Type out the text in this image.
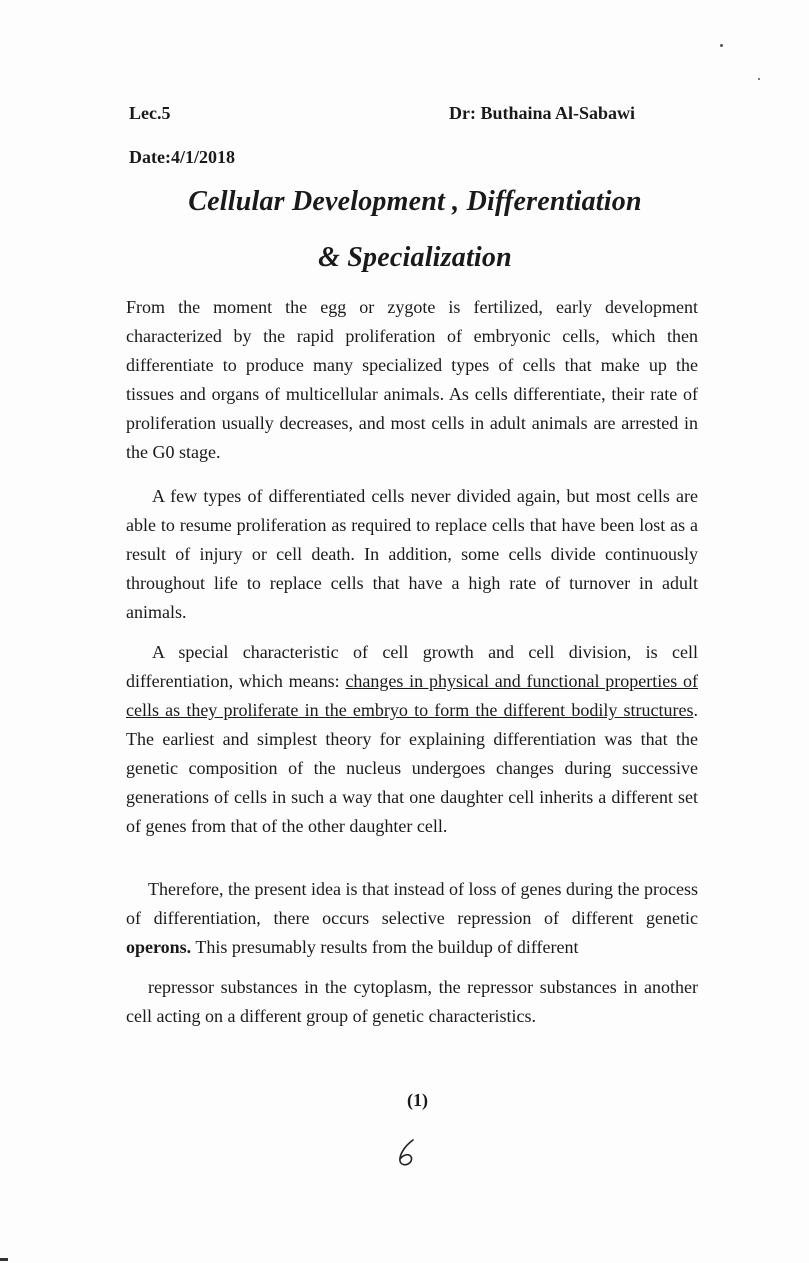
Lec.5	Dr: Buthaina Al-Sabawi
Date:4/1/2018
Cellular Development , Differentiation
& Specialization
From the moment the egg or zygote is fertilized, early development characterized by the rapid proliferation of embryonic cells, which then differentiate to produce many specialized types of cells that make up the tissues and organs of multicellular animals. As cells differentiate, their rate of proliferation usually decreases, and most cells in adult animals are arrested in the G0 stage.
A few types of differentiated cells never divided again, but most cells are able to resume proliferation as required to replace cells that have been lost as a result of injury or cell death. In addition, some cells divide continuously throughout life to replace cells that have a high rate of turnover in adult animals.
A special characteristic of cell growth and cell division, is cell differentiation, which means: changes in physical and functional properties of cells as they proliferate in the embryo to form the different bodily structures. The earliest and simplest theory for explaining differentiation was that the genetic composition of the nucleus undergoes changes during successive generations of cells in such a way that one daughter cell inherits a different set of genes from that of the other daughter cell.
Therefore, the present idea is that instead of loss of genes during the process of differentiation, there occurs selective repression of different genetic operons. This presumably results from the buildup of different
repressor substances in the cytoplasm, the repressor substances in another cell acting on a different group of genetic characteristics.
(1)
